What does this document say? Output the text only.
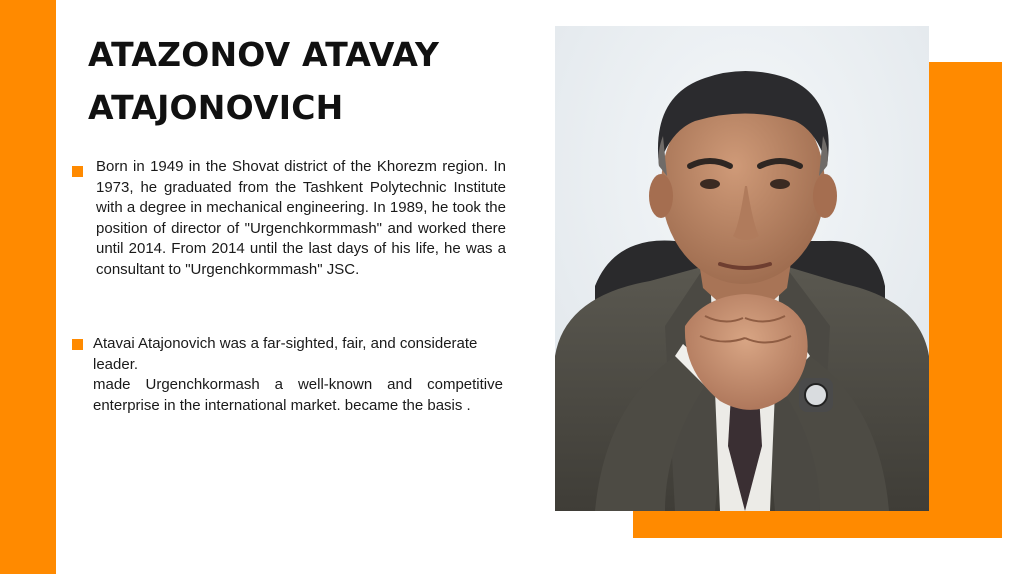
ATAZONOV ATAVAY
ATAJONOVICH

Born in 1949 in the Shovat district of the Khorezm region. In 1973, he graduated from the Tashkent Polytechnic Institute with a degree in mechanical engineering. In 1989, he took the position of director of "Urgenchkormmash" and worked there until 2014. From 2014 until the last days of his life, he was a consultant to "Urgenchkormmash" JSC.

Atavai Atajonovich was a far-sighted, fair, and considerate leader.

made Urgenchkormash a well-known and competitive enterprise in the international market. became the basis .
